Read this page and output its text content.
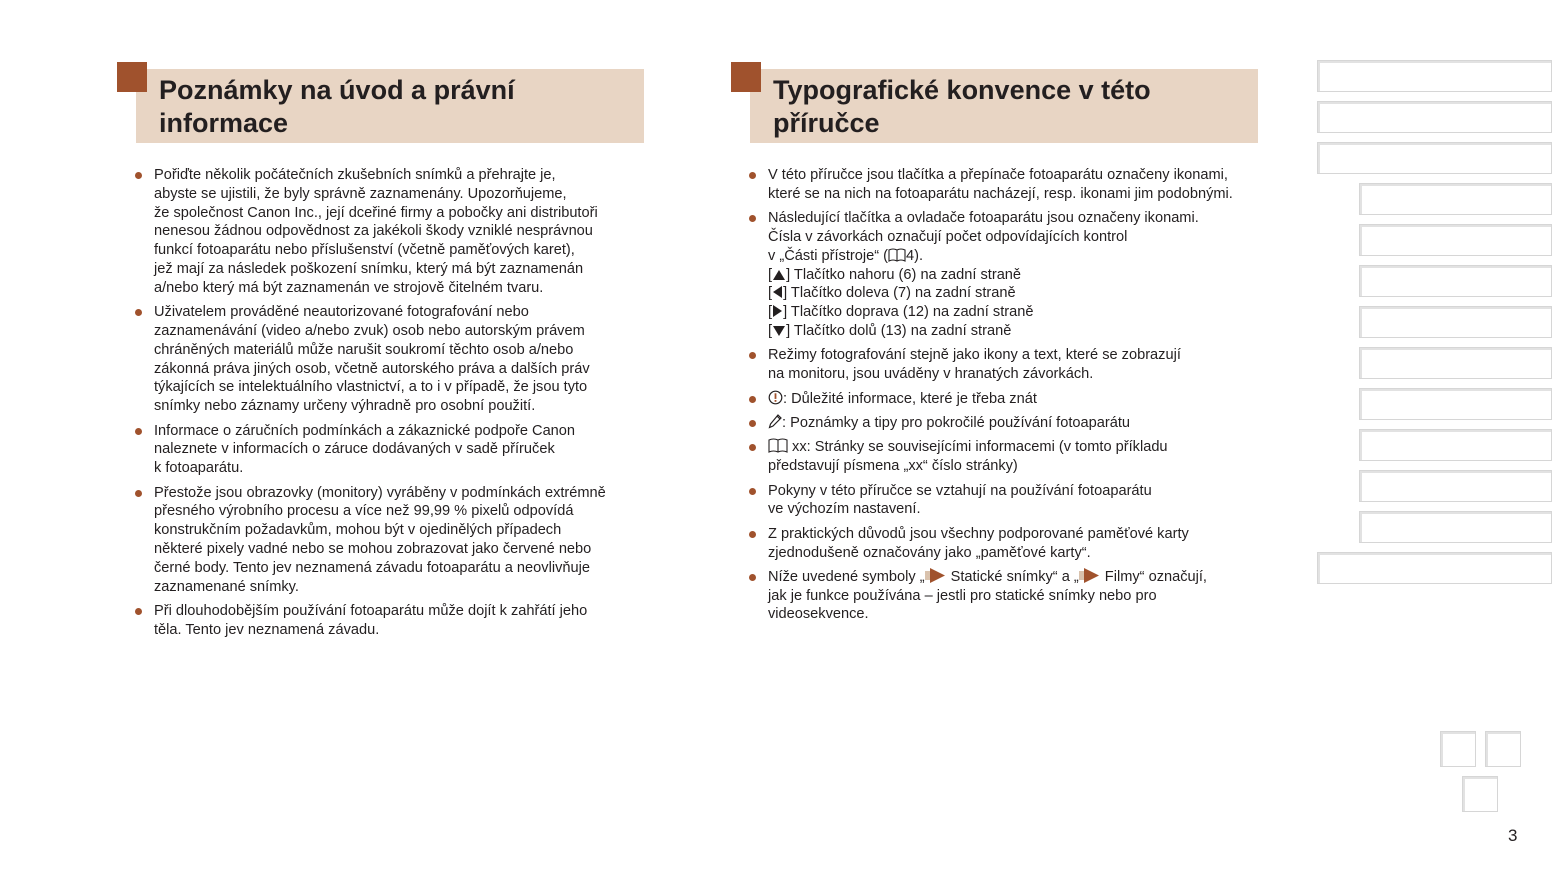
Poznámky na úvod a právní informace
Pořiďte několik počátečních zkušebních snímků a přehrajte je,
abyste se ujistili, že byly správně zaznamenány. Upozorňujeme,
že společnost Canon Inc., její dceřiné firmy a pobočky ani distributoři
nenesou žádnou odpovědnost za jakékoli škody vzniklé nesprávnou
funkcí fotoaparátu nebo příslušenství (včetně paměťových karet),
jež mají za následek poškození snímku, který má být zaznamenán
a/nebo který má být zaznamenán ve strojově čitelném tvaru.
Uživatelem prováděné neautorizované fotografování nebo
zaznamenávání (video a/nebo zvuk) osob nebo autorským právem
chráněných materiálů může narušit soukromí těchto osob a/nebo
zákonná práva jiných osob, včetně autorského práva a dalších práv
týkajících se intelektuálního vlastnictví, a to i v případě, že jsou tyto
snímky nebo záznamy určeny výhradně pro osobní použití.
Informace o záručních podmínkách a zákaznické podpoře Canon
naleznete v informacích o záruce dodávaných v sadě příruček
k fotoaparátu.
Přestože jsou obrazovky (monitory) vyráběny v podmínkách extrémně
přesného výrobního procesu a více než 99,99 % pixelů odpovídá
konstrukčním požadavkům, mohou být v ojedinělých případech
některé pixely vadné nebo se mohou zobrazovat jako červené nebo
černé body. Tento jev neznamená závadu fotoaparátu a neovlivňuje
zaznamenané snímky.
Při dlouhodobějším používání fotoaparátu může dojít k zahřátí jeho
těla. Tento jev neznamená závadu.
Typografické konvence v této příručce
V této příručce jsou tlačítka a přepínače fotoaparátu označeny ikonami,
které se na nich na fotoaparátu nacházejí, resp. ikonami jim podobnými.
Následující tlačítka a ovladače fotoaparátu jsou označeny ikonami.
Čísla v závorkách označují počet odpovídajících kontrol
v „Části přístroje“ ( 4).
[ ] Tlačítko nahoru (6) na zadní straně
[ ] Tlačítko doleva (7) na zadní straně
[ ] Tlačítko doprava (12) na zadní straně
[ ] Tlačítko dolů (13) na zadní straně
Režimy fotografování stejně jako ikony a text, které se zobrazují
na monitoru, jsou uváděny v hranatých závorkách.
: Důležité informace, které je třeba znát
: Poznámky a tipy pro pokročilé používání fotoaparátu
xx: Stránky se souvisejícími informacemi (v tomto příkladu
představují písmena „xx“ číslo stránky)
Pokyny v této příručce se vztahují na používání fotoaparátu
ve výchozím nastavení.
Z praktických důvodů jsou všechny podporované paměťové karty
zjednodušeně označovány jako „paměťové karty“.
Níže uvedené symboly „ Statické snímky“ a „ Filmy“ označují,
jak je funkce používána – jestli pro statické snímky nebo pro
videosekvence.
3
